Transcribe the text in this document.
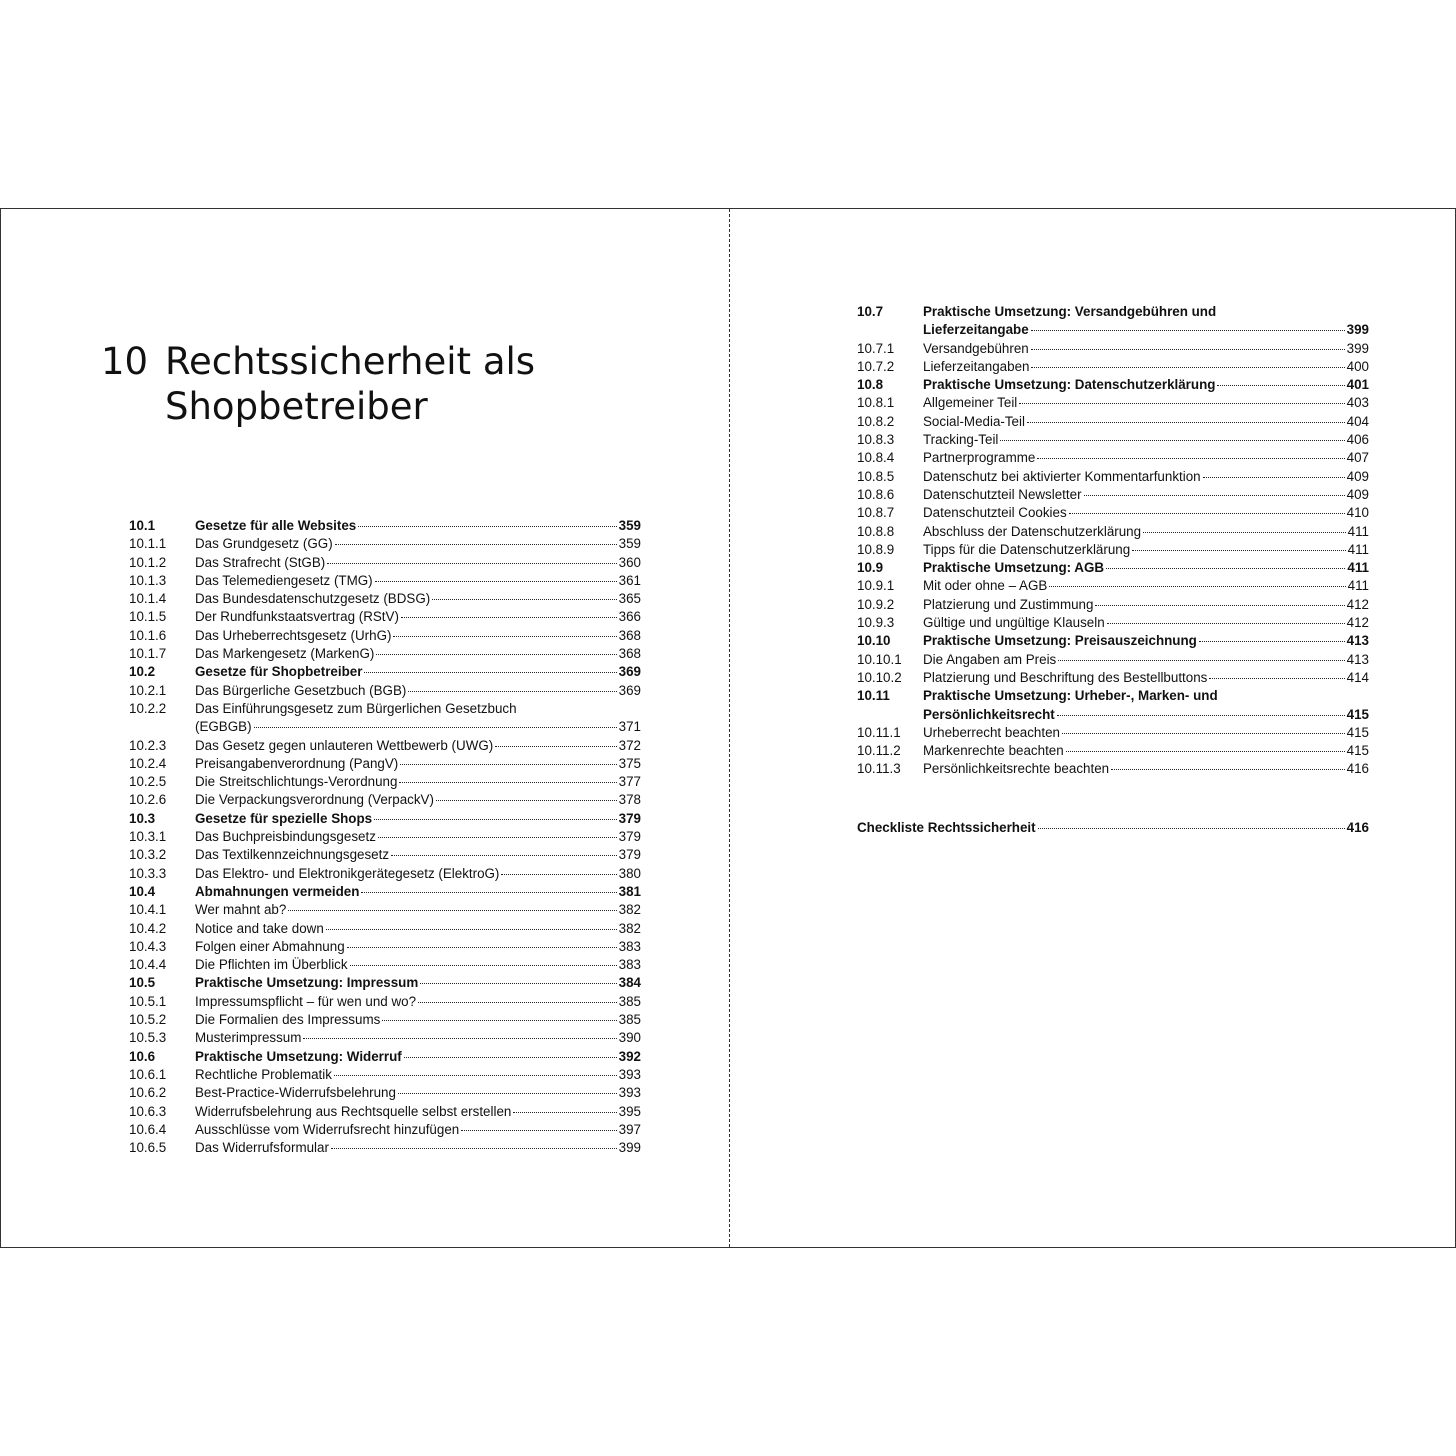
10 Rechtssicherheit als Shopbetreiber
10.1	Gesetze für alle Websites	359
10.1.1	Das Grundgesetz (GG)	359
10.1.2	Das Strafrecht (StGB)	360
10.1.3	Das Telemediengesetz (TMG)	361
10.1.4	Das Bundesdatenschutzgesetz (BDSG)	365
10.1.5	Der Rundfunkstaatsvertrag (RStV)	366
10.1.6	Das Urheberrechtsgesetz (UrhG)	368
10.1.7	Das Markengesetz (MarkenG)	368
10.2	Gesetze für Shopbetreiber	369
10.2.1	Das Bürgerliche Gesetzbuch (BGB)	369
10.2.2	Das Einführungsgesetz zum Bürgerlichen Gesetzbuch
(EGBGB)	371
10.2.3	Das Gesetz gegen unlauteren Wettbewerb (UWG)	372
10.2.4	Preisangabenverordnung (PangV)	375
10.2.5	Die Streitschlichtungs-Verordnung	377
10.2.6	Die Verpackungsverordnung (VerpackV)	378
10.3	Gesetze für spezielle Shops	379
10.3.1	Das Buchpreisbindungsgesetz	379
10.3.2	Das Textilkennzeichnungsgesetz	379
10.3.3	Das Elektro- und Elektronikgerätegesetz (ElektroG)	380
10.4	Abmahnungen vermeiden	381
10.4.1	Wer mahnt ab?	382
10.4.2	Notice and take down	382
10.4.3	Folgen einer Abmahnung	383
10.4.4	Die Pflichten im Überblick	383
10.5	Praktische Umsetzung: Impressum	384
10.5.1	Impressumspflicht – für wen und wo?	385
10.5.2	Die Formalien des Impressums	385
10.5.3	Musterimpressum	390
10.6	Praktische Umsetzung: Widerruf	392
10.6.1	Rechtliche Problematik	393
10.6.2	Best-Practice-Widerrufsbelehrung	393
10.6.3	Widerrufsbelehrung aus Rechtsquelle selbst erstellen	395
10.6.4	Ausschlüsse vom Widerrufsrecht hinzufügen	397
10.6.5	Das Widerrufsformular	399
10.7	Praktische Umsetzung: Versandgebühren und
Lieferzeitangabe	399
10.7.1	Versandgebühren	399
10.7.2	Lieferzeitangaben	400
10.8	Praktische Umsetzung: Datenschutzerklärung	401
10.8.1	Allgemeiner Teil	403
10.8.2	Social-Media-Teil	404
10.8.3	Tracking-Teil	406
10.8.4	Partnerprogramme	407
10.8.5	Datenschutz bei aktivierter Kommentarfunktion	409
10.8.6	Datenschutzteil Newsletter	409
10.8.7	Datenschutzteil Cookies	410
10.8.8	Abschluss der Datenschutzerklärung	411
10.8.9	Tipps für die Datenschutzerklärung	411
10.9	Praktische Umsetzung: AGB	411
10.9.1	Mit oder ohne – AGB	411
10.9.2	Platzierung und Zustimmung	412
10.9.3	Gültige und ungültige Klauseln	412
10.10	Praktische Umsetzung: Preisauszeichnung	413
10.10.1	Die Angaben am Preis	413
10.10.2	Platzierung und Beschriftung des Bestellbuttons	414
10.11	Praktische Umsetzung: Urheber-, Marken- und
Persönlichkeitsrecht	415
10.11.1	Urheberrecht beachten	415
10.11.2	Markenrechte beachten	415
10.11.3	Persönlichkeitsrechte beachten	416
Checkliste Rechtssicherheit	416
